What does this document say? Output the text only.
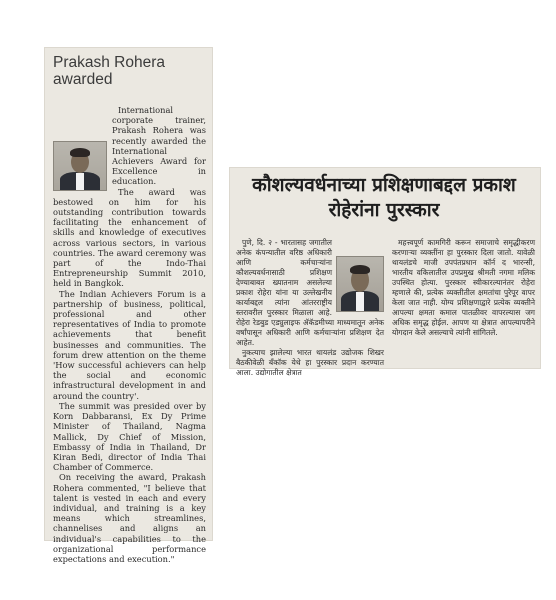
Prakash Rohera awarded

International corporate trainer, Prakash Rohera was recently awarded the International Achievers Award for Excellence in education.

The award was bestowed on him for his outstanding contribution towards facilitating the enhancement of skills and knowledge of executives across various sectors, in various countries. The award ceremony was part of the Indo-Thai Entrepreneurship Summit 2010, held in Bangkok.

The Indian Achievers Forum is a partnership of business, political, professional and other representatives of India to promote achievements that benefit businesses and communities. The forum drew attention on the theme 'How successful achievers can help the social and economic infrastructural development in and around the country'.

The summit was presided over by Korn Dabbaransi, Ex Dy Prime Minister of Thailand, Nagma Mallick, Dy Chief of Mission, Embassy of India in Thailand, Dr Kiran Bedi, director of India Thai Chamber of Commerce.

On receiving the award, Prakash Rohera commented, "I believe that talent is vested in each and every individual, and training is a key means which streamlines, channelises and aligns an individual's capabilities to the organizational performance expectations and execution."

कौशल्यवर्धनाच्या प्रशिक्षणाबद्दल प्रकाश रोहेरांना पुरस्कार

पुणे, दि. २ - भारतासह जगातील अनेक कंपन्यातील वरिष्ठ अधिकारी आणि कर्मचाऱ्यांना कौशल्यवर्धनासाठी प्रशिक्षण देण्याबाबत ख्यातनाम असलेल्या प्रकाश रोहेरा यांना या उल्लेखनीय कार्याबद्दल त्यांना आंतरराष्ट्रीय स्तरावरील पुरस्कार मिळाला आहे. रोहेरा रेडबुड एड्युलाइफ ॲकॅडमीच्या माध्यमातून अनेक वर्षांपासून अधिकारी आणि कर्मचाऱ्यांना प्रशिक्षण देत आहेत.

नुकत्याच झालेल्या भारत थायलंड उद्योजक शिखर बैठकीवेळी बँकॉक येथे हा पुरस्कार प्रदान करण्यात आला. उद्योगातील क्षेत्रात

महत्त्वपूर्ण कामगिरी करून समाजाचे समृद्धीकरण करणाऱ्या व्यक्तींना हा पुरस्कार दिला जातो. यावेळी थायलंडचे माजी उपपंतप्रधान कॉर्न द भारन्सी, भारतीय वकिलातील उपप्रमुख श्रीमती नगमा मलिक उपस्थित होत्या. पुरस्कार स्वीकारल्यानंतर रोहेरा म्हणाले की, प्रत्येक व्यक्तीतील क्षमतांचा पुरेपूर वापर केला जात नाही. योग्य प्रशिक्षणाद्वारे प्रत्येक व्यक्तीने आपल्या क्षमता कमाल पातळीवर वापरल्यास जग अधिक समृद्ध होईल. आपण या क्षेत्रात आपल्यापरीने योगदान केले असल्याचे त्यांनी सांगितले.
